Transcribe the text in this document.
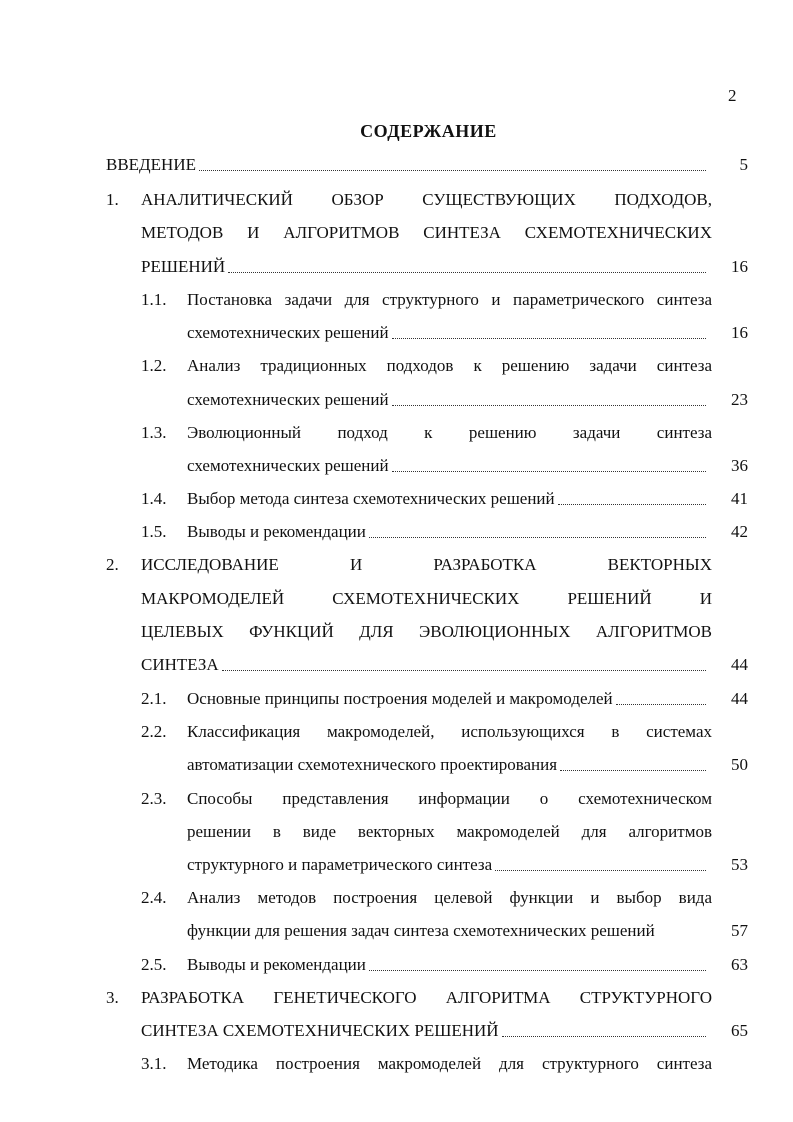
2
СОДЕРЖАНИЕ
ВВЕДЕНИЕ	5
1. АНАЛИТИЧЕСКИЙ ОБЗОР СУЩЕСТВУЮЩИХ ПОДХОДОВ,
МЕТОДОВ И АЛГОРИТМОВ СИНТЕЗА СХЕМОТЕХНИЧЕСКИХ
РЕШЕНИЙ	16
1.1. Постановка задачи для структурного и параметрического синтеза
схемотехнических решений	16
1.2. Анализ традиционных подходов к решению задачи синтеза
схемотехнических решений	23
1.3. Эволюционный подход к решению задачи синтеза
схемотехнических решений	36
1.4. Выбор метода синтеза схемотехнических решений	41
1.5. Выводы и рекомендации	42
2. ИССЛЕДОВАНИЕ И РАЗРАБОТКА ВЕКТОРНЫХ
МАКРОМОДЕЛЕЙ СХЕМОТЕХНИЧЕСКИХ РЕШЕНИЙ И
ЦЕЛЕВЫХ ФУНКЦИЙ ДЛЯ ЭВОЛЮЦИОННЫХ АЛГОРИТМОВ
СИНТЕЗА	44
2.1. Основные принципы построения моделей и макромоделей	44
2.2. Классификация макромоделей, использующихся в системах
автоматизации схемотехнического проектирования	50
2.3. Способы представления информации о схемотехническом
решении в виде векторных макромоделей для алгоритмов
структурного и параметрического синтеза	53
2.4. Анализ методов построения целевой функции и выбор вида
функции для решения задач синтеза схемотехнических решений	57
2.5. Выводы и рекомендации	63
3. РАЗРАБОТКА ГЕНЕТИЧЕСКОГО АЛГОРИТМА СТРУКТУРНОГО
СИНТЕЗА СХЕМОТЕХНИЧЕСКИХ РЕШЕНИЙ	65
3.1. Методика построения макромоделей для структурного синтеза
